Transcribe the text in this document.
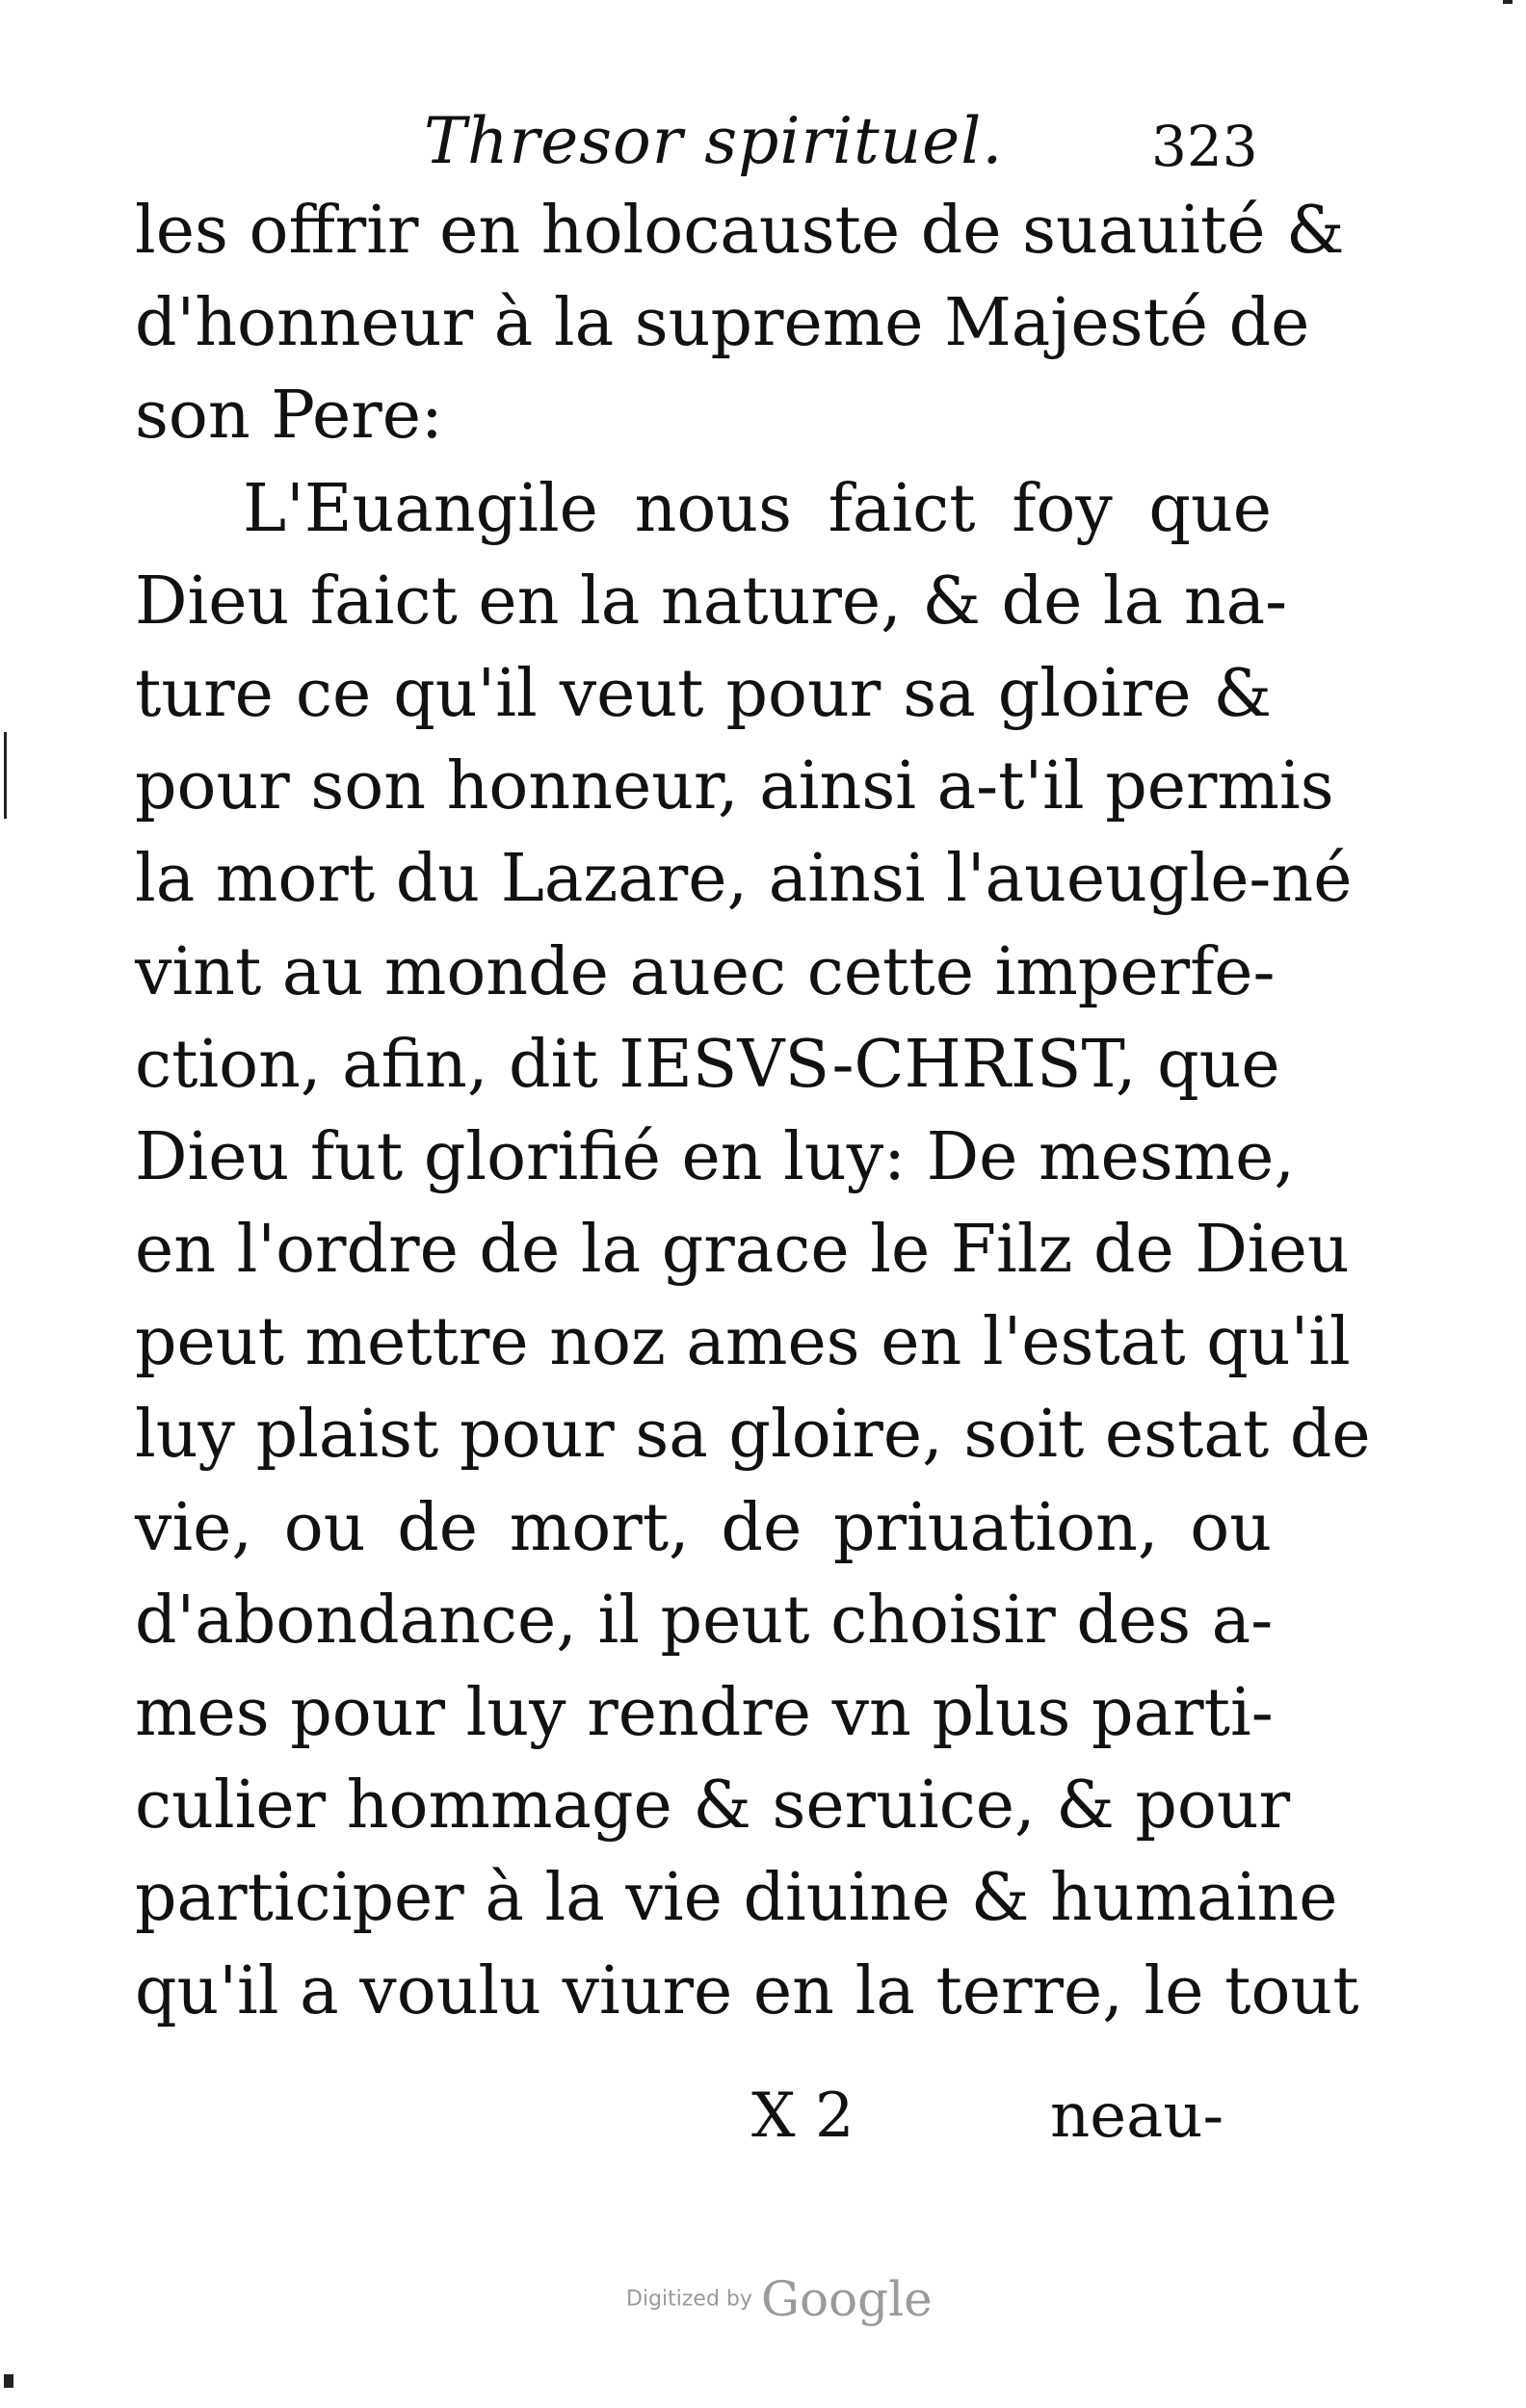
Thresor spirituel.	323
les offrir en holocauste de suauité &
d'honneur à la supreme Majesté de
son Pere:
L'Euangile nous faict foy que
Dieu faict en la nature, & de la na-
ture ce qu'il veut pour sa gloire &
pour son honneur, ainsi a-t'il permis
la mort du Lazare, ainsi l'aueugle-né
vint au monde auec cette imperfe-
ction, afin, dit IESVS-CHRIST, que
Dieu fut glorifié en luy: De mesme,
en l'ordre de la grace le Filz de Dieu
peut mettre noz ames en l'estat qu'il
luy plaist pour sa gloire, soit estat de
vie, ou de mort, de priuation, ou
d'abondance, il peut choisir des a-
mes pour luy rendre vn plus parti-
culier hommage & seruice, & pour
participer à la vie diuine & humaine
qu'il a voulu viure en la terre, le tout
X 2	neau-
Digitized by Google
